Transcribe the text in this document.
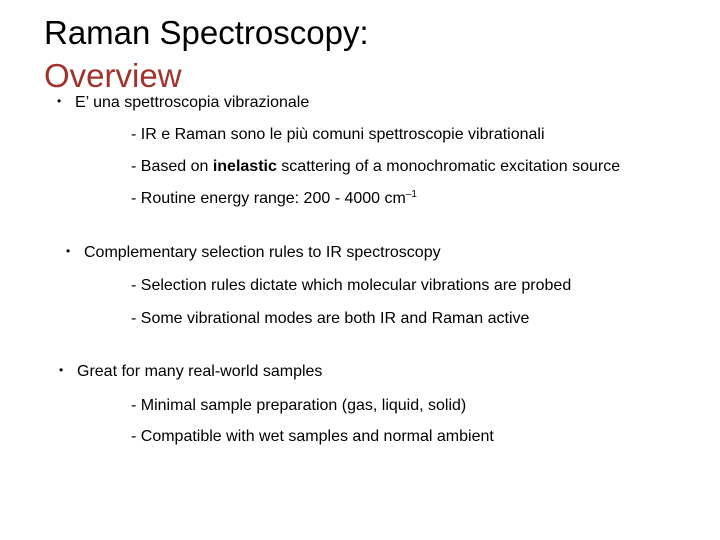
Raman Spectroscopy:
Overview
• E’ una spettroscopia vibrazionale
- IR e Raman sono le più comuni spettroscopie vibrationali
- Based on inelastic scattering of a monochromatic excitation source
- Routine energy range: 200 - 4000 $cm^{-1}$
• Complementary selection rules to IR spectroscopy
- Selection rules dictate which molecular vibrations are probed
- Some vibrational modes are both IR and Raman active
• Great for many real-world samples
- Minimal sample preparation (gas, liquid, solid)
- Compatible with wet samples and normal ambient
